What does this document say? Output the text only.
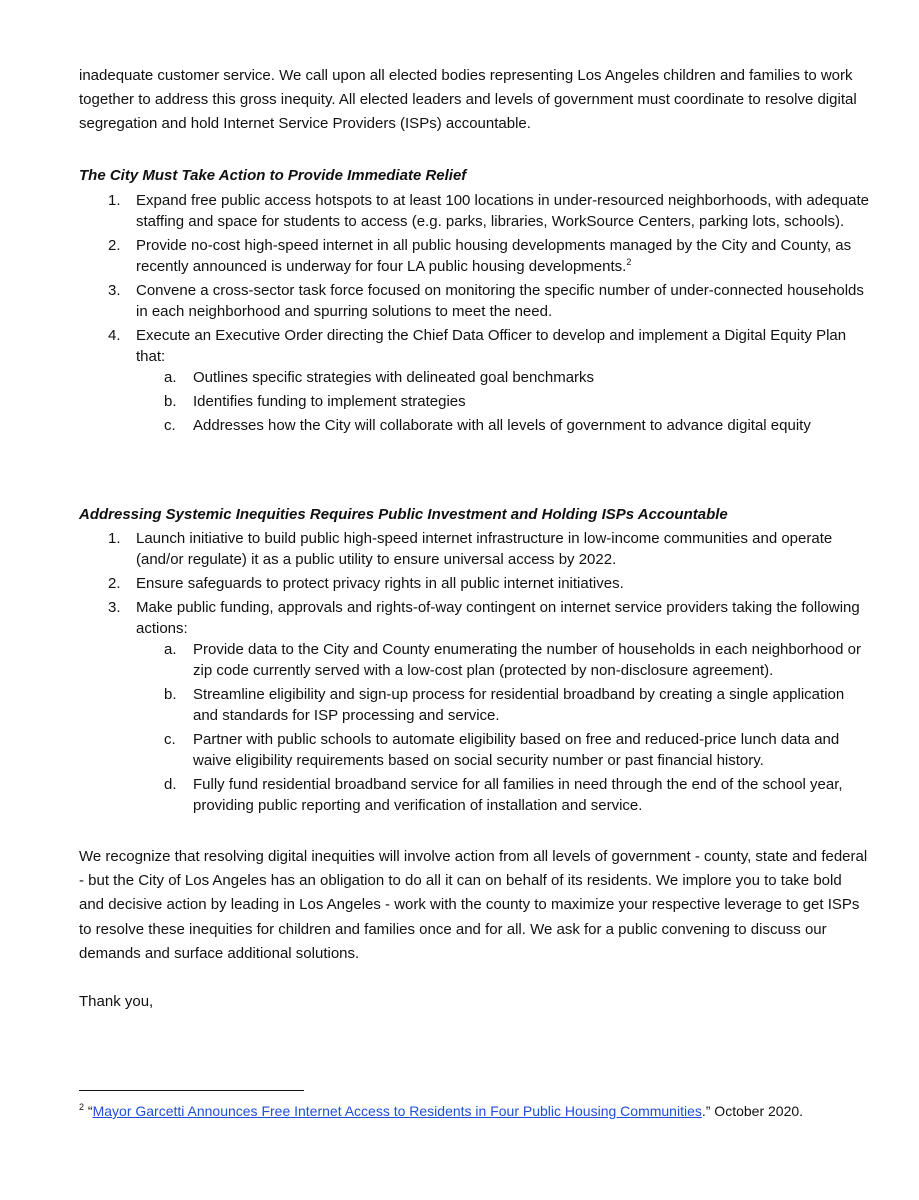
inadequate customer service. We call upon all elected bodies representing Los Angeles children and families to work together to address this gross inequity. All elected leaders and levels of government must coordinate to resolve digital segregation and hold Internet Service Providers (ISPs) accountable.

The City Must Take Action to Provide Immediate Relief

1. Expand free public access hotspots to at least 100 locations in under-resourced neighborhoods, with adequate staffing and space for students to access (e.g. parks, libraries, WorkSource Centers, parking lots, schools).
2. Provide no-cost high-speed internet in all public housing developments managed by the City and County, as recently announced is underway for four LA public housing developments.$^2$
3. Convene a cross-sector task force focused on monitoring the specific number of under-connected households in each neighborhood and spurring solutions to meet the need.
4. Execute an Executive Order directing the Chief Data Officer to develop and implement a Digital Equity Plan that:
a. Outlines specific strategies with delineated goal benchmarks
b. Identifies funding to implement strategies
c. Addresses how the City will collaborate with all levels of government to advance digital equity

Addressing Systemic Inequities Requires Public Investment and Holding ISPs Accountable

1. Launch initiative to build public high-speed internet infrastructure in low-income communities and operate (and/or regulate) it as a public utility to ensure universal access by 2022.
2. Ensure safeguards to protect privacy rights in all public internet initiatives.
3. Make public funding, approvals and rights-of-way contingent on internet service providers taking the following actions:
a. Provide data to the City and County enumerating the number of households in each neighborhood or zip code currently served with a low-cost plan (protected by non-disclosure agreement).
b. Streamline eligibility and sign-up process for residential broadband by creating a single application and standards for ISP processing and service.
c. Partner with public schools to automate eligibility based on free and reduced-price lunch data and waive eligibility requirements based on social security number or past financial history.
d. Fully fund residential broadband service for all families in need through the end of the school year, providing public reporting and verification of installation and service.

We recognize that resolving digital inequities will involve action from all levels of government - county, state and federal - but the City of Los Angeles has an obligation to do all it can on behalf of its residents. We implore you to take bold and decisive action by leading in Los Angeles - work with the county to maximize your respective leverage to get ISPs to resolve these inequities for children and families once and for all. We ask for a public convening to discuss our demands and surface additional solutions.

Thank you,

$^2$ “Mayor Garcetti Announces Free Internet Access to Residents in Four Public Housing Communities.” October 2020.
